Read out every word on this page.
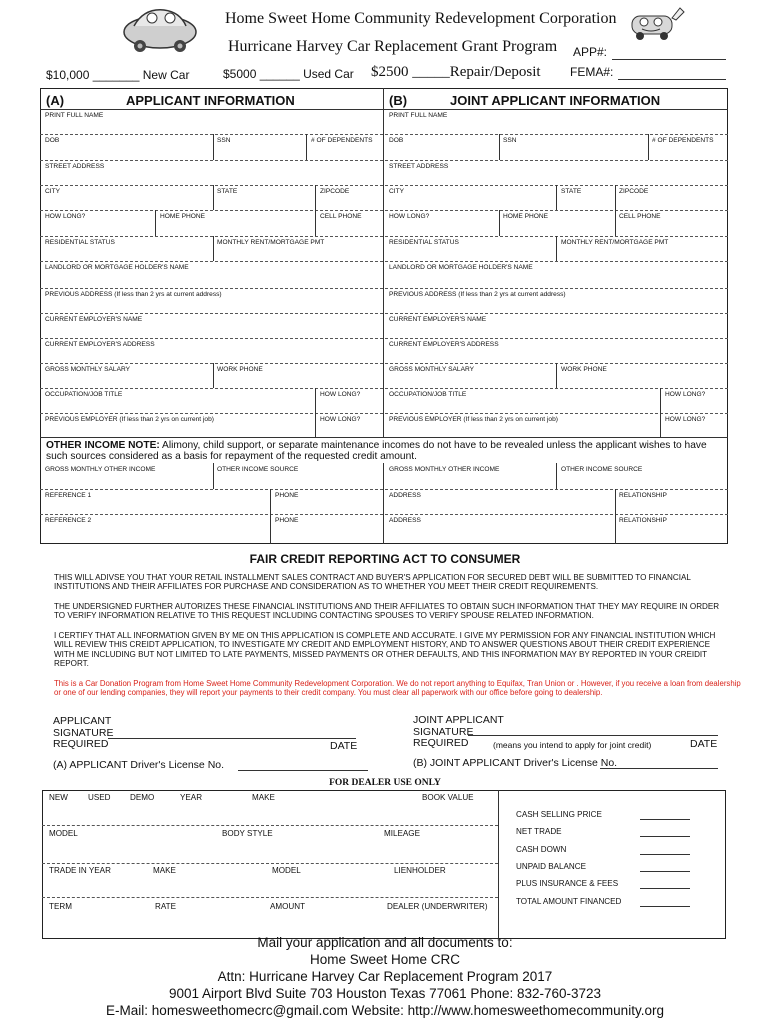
Home Sweet Home Community Redevelopment Corporation
Hurricane Harvey Car Replacement Grant Program APP#:
FEMA#:
$10,000 _______ New Car	$5000 ______ Used Car $2500 _____Repair/Deposit
(A)	APPLICANT INFORMATION	(B)	JOINT APPLICANT INFORMATION
PRINT FULL NAME
DOB	SSN	# OF DEPENDENTS
STREET ADDRESS
CITY	STATE	ZIPCODE
HOW LONG?	HOME PHONE	CELL PHONE
RESIDENTIAL STATUS	MONTHLY RENT/MORTGAGE PMT
LANDLORD OR MORTGAGE HOLDER'S NAME
PREVIOUS ADDRESS (If less than 2 yrs at current address)
CURRENT EMPLOYER'S NAME
CURRENT EMPLOYER'S ADDRESS
GROSS MONTHLY SALARY	WORK PHONE
OCCUPATION/JOB TITLE	HOW LONG?
PREVIOUS EMPLOYER (If less than 2 yrs on current job)	HOW LONG?
PRINT FULL NAME
DOB	SSN	# OF DEPENDENTS
STREET ADDRESS
CITY	STATE	ZIPCODE
HOW LONG?	HOME PHONE	CELL PHONE
RESIDENTIAL STATUS	MONTHLY RENT/MORTGAGE PMT
LANDLORD OR MORTGAGE HOLDER'S NAME
PREVIOUS ADDRESS (If less than 2 yrs at current address)
CURRENT EMPLOYER'S NAME
CURRENT EMPLOYER'S ADDRESS
GROSS MONTHLY SALARY	WORK PHONE
OCCUPATION/JOB TITLE	HOW LONG?
PREVIOUS EMPLOYER (If less than 2 yrs on current job)	HOW LONG?
OTHER INCOME NOTE: Alimony, child support, or separate maintenance incomes do not have to be revealed unless the applicant wishes to have such sources considered as a basis for repayment of the requested credit amount.
GROSS MONTHLY OTHER INCOME	OTHER INCOME SOURCE	GROSS MONTHLY OTHER INCOME	OTHER INCOME SOURCE
REFERENCE 1	PHONE	ADDRESS	RELATIONSHIP
REFERENCE 2	PHONE	ADDRESS	RELATIONSHIP
FAIR CREDIT REPORTING ACT TO CONSUMER
THIS WILL ADIVSE YOU THAT YOUR RETAIL INSTALLMENT SALES CONTRACT AND BUYER'S APPLICATION FOR SECURED DEBT WILL BE SUBMITTED TO FINANCIAL INSTITUTIONS AND THEIR AFFILIATES FOR PURCHASE AND CONSIDERATION AS TO WHETHER YOU MEET THEIR CREDIT REQUIREMENTS.
THE UNDERSIGNED FURTHER AUTORIZES THESE FINANCIAL INSTITUTIONS AND THEIR AFFILIATES TO OBTAIN SUCH INFORMATION THAT THEY MAY REQUIRE IN ORDER TO VERIFY INFORMATION RELATIVE TO THIS REQUEST INCLUDING CONTACTING SPOUSES TO VERIFY SPOUSE RELATED INFORMATION.
I CERTIFY THAT ALL INFORMATION GIVEN BY ME ON THIS APPLICATION IS COMPLETE AND ACCURATE. I GIVE MY PERMISSION FOR ANY FINANCIAL INSTITUTION WHICH WILL REVIEW THIS CREIDT APPLICATION, TO INVESTIGATE MY CREDIT AND EMPLOYMENT HISTORY, AND TO ANSWER QUESTIONS ABOUT THEIR CREDIT EXPERIENCE WITH ME INCLUDING BUT NOT LIMITED TO LATE PAYMENTS, MISSED PAYMENTS OR OTHER DEFAULTS, AND THIS INFORMATION MAY BY REPORTED IN YOUR CREIDIT REPORT.
This is a Car Donation Program from Home Sweet Home Community Redevelopment Corporation. We do not report anything to Equifax, Tran Union or . However, if you receive a loan from dealership or one of our lending companies, they will report your payments to their credit company. You must clear all paperwork with our office before going to dealership.
APPLICANT
SIGNATURE
REQUIRED	DATE
JOINT APPLICANT
SIGNATURE
REQUIRED	(means you intend to apply for joint credit)	DATE
(A) APPLICANT Driver's License No.	(B) JOINT APPLICANT Driver's License No.
FOR DEALER USE ONLY
NEW USED DEMO	YEAR	MAKE	BOOK VALUE
MODEL	BODY STYLE	MILEAGE
TRADE IN YEAR	MAKE	MODEL	LIENHOLDER
TERM	RATE	AMOUNT	DEALER (UNDERWRITER)
CASH SELLING PRICE
NET TRADE
CASH DOWN
UNPAID BALANCE
PLUS INSURANCE & FEES
TOTAL AMOUNT FINANCED
Mail your application and all documents to:
Home Sweet Home CRC
Attn: Hurricane Harvey Car Replacement Program 2017
9001 Airport Blvd Suite 703 Houston Texas 77061 Phone: 832-760-3723
E-Mail: homesweethomecrc@gmail.com Website: http://www.homesweethomecommunity.org
